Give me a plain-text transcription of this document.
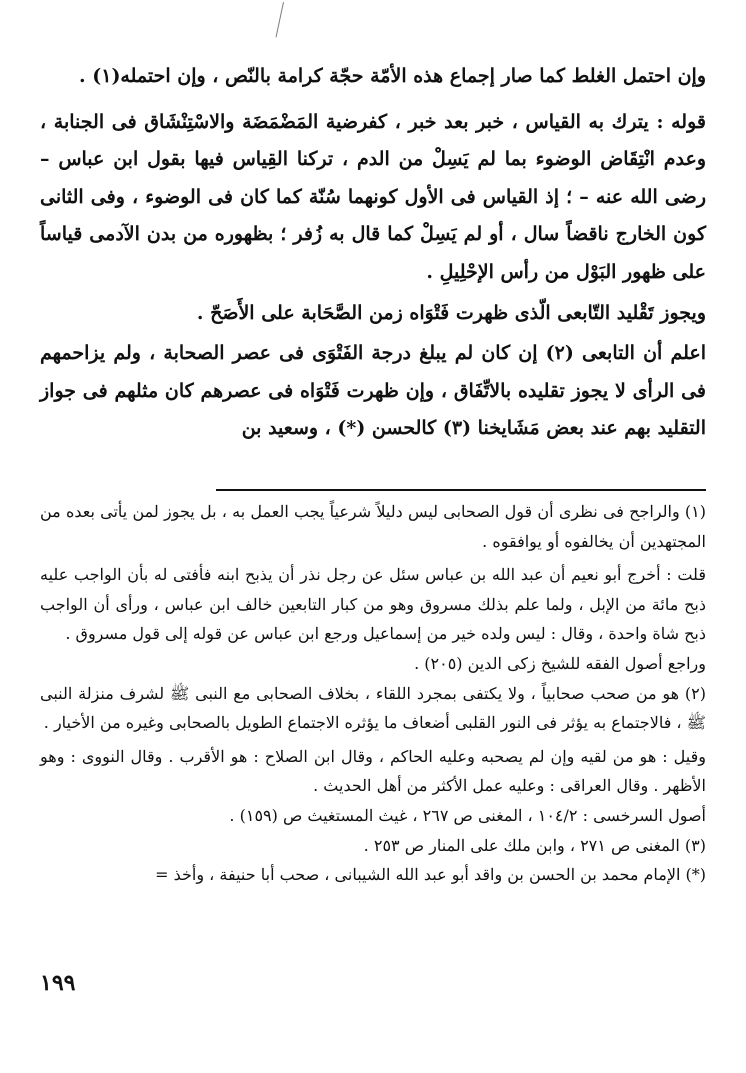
وإن احتمل الغلط كما صار إجماع هذه الأمّة حجّة كرامة بالنّص ، وإن احتمله(١) .

قوله : يترك به القياس ، خبر بعد خبر ، كفرضية المَضْمَضَة والاسْتِنْشَاق فى الجنابة ، وعدم انْتِقَاض الوضوء بما لم يَسِلْ من الدم ، تركنا القِياس فيها بقول ابن عباس – رضى الله عنه – ؛ إذ القياس فى الأول كونهما سُنّة كما كان فى الوضوء ، وفى الثانى كون الخارج ناقضاً سال ، أو لم يَسِلْ كما قال به زُفر ؛ بظهوره من بدن الآدمى قياساً على ظهور البَوْل من رأس الإحْلِيلِ .

ويجوز تَقْليد التّابعى الّذى ظهرت فَتْوَاه زمن الصَّحَابة على الأَصَحّ .

اعلم أن التابعى (٢) إن كان لم يبلغ درجة الفَتْوَى فى عصر الصحابة ، ولم يزاحمهم فى الرأى لا يجوز تقليده بالاتِّفَاق ، وإن ظهرت فَتْوَاه فى عصرهم كان مثلهم فى جواز التقليد بهم عند بعض مَشَايخنا (٣) كالحسن (*) ، وسعيد بن

(١) والراجح فى نظرى أن قول الصحابى ليس دليلاً شرعياً يجب العمل به ، بل يجوز لمن يأتى بعده من المجتهدين أن يخالفوه أو يوافقوه .

قلت : أخرج أبو نعيم أن عبد الله بن عباس سئل عن رجل نذر أن يذبح ابنه فأفتى له بأن الواجب عليه ذبح مائة من الإبل ، ولما علم بذلك مسروق وهو من كبار التابعين خالف ابن عباس ، ورأى أن الواجب ذبح شاة واحدة ، وقال : ليس ولده خير من إسماعيل ورجع ابن عباس عن قوله إلى قول مسروق .

وراجع أصول الفقه للشيخ زكى الدين (٢٠٥) .

(٢) هو من صحب صحابياً ، ولا يكتفى بمجرد اللقاء ، بخلاف الصحابى مع النبى ﷺ لشرف منزلة النبى ﷺ ، فالاجتماع به يؤثر فى النور القلبى أضعاف ما يؤثره الاجتماع الطويل بالصحابى وغيره من الأخيار .

وقيل : هو من لقيه وإن لم يصحبه وعليه الحاكم ، وقال ابن الصلاح : هو الأقرب . وقال النووى : وهو الأظهر . وقال العراقى : وعليه عمل الأكثر من أهل الحديث .

أصول السرخسى : ١٠٤/٢ ، المغنى ص ٢٦٧ ، غيث المستغيث ص (١٥٩) .

(٣) المغنى ص ٢٧١ ، وابن ملك على المنار ص ٢٥٣ .

(*) الإمام محمد بن الحسن بن واقد أبو عبد الله الشيبانى ، صحب أبا حنيفة ، وأخذ =

١٩٩
